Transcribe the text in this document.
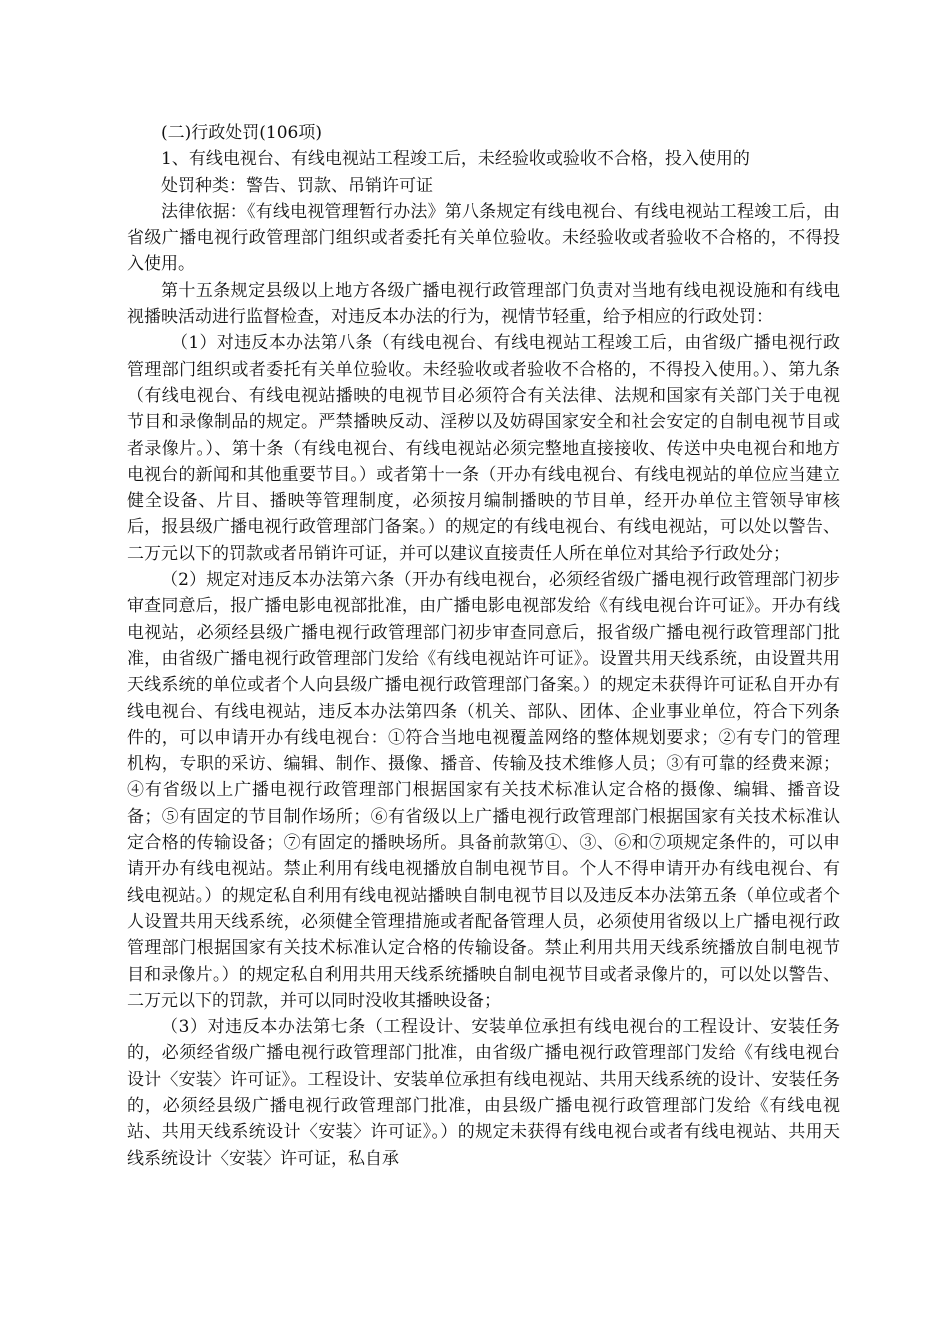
(二)行政处罚(106项)

1、有线电视台、有线电视站工程竣工后，未经验收或验收不合格，投入使用的

处罚种类：警告、罚款、吊销许可证

法律依据：《有线电视管理暂行办法》第八条规定有线电视台、有线电视站工程竣工后，由省级广播电视行政管理部门组织或者委托有关单位验收。未经验收或者验收不合格的，不得投入使用。

第十五条规定县级以上地方各级广播电视行政管理部门负责对当地有线电视设施和有线电视播映活动进行监督检查，对违反本办法的行为，视情节轻重，给予相应的行政处罚：

（1）对违反本办法第八条（有线电视台、有线电视站工程竣工后，由省级广播电视行政管理部门组织或者委托有关单位验收。未经验收或者验收不合格的，不得投入使用。）、第九条（有线电视台、有线电视站播映的电视节目必须符合有关法律、法规和国家有关部门关于电视节目和录像制品的规定。严禁播映反动、淫秽以及妨碍国家安全和社会安定的自制电视节目或者录像片。）、第十条（有线电视台、有线电视站必须完整地直接接收、传送中央电视台和地方电视台的新闻和其他重要节目。）或者第十一条（开办有线电视台、有线电视站的单位应当建立健全设备、片目、播映等管理制度，必须按月编制播映的节目单，经开办单位主管领导审核后，报县级广播电视行政管理部门备案。）的规定的有线电视台、有线电视站，可以处以警告、二万元以下的罚款或者吊销许可证，并可以建议直接责任人所在单位对其给予行政处分；

（2）规定对违反本办法第六条（开办有线电视台，必须经省级广播电视行政管理部门初步审查同意后，报广播电影电视部批准，由广播电影电视部发给《有线电视台许可证》。开办有线电视站，必须经县级广播电视行政管理部门初步审查同意后，报省级广播电视行政管理部门批准，由省级广播电视行政管理部门发给《有线电视站许可证》。设置共用天线系统，由设置共用天线系统的单位或者个人向县级广播电视行政管理部门备案。）的规定未获得许可证私自开办有线电视台、有线电视站，违反本办法第四条（机关、部队、团体、企业事业单位，符合下列条件的，可以申请开办有线电视台：①符合当地电视覆盖网络的整体规划要求；②有专门的管理机构，专职的采访、编辑、制作、摄像、播音、传输及技术维修人员；③有可靠的经费来源；④有省级以上广播电视行政管理部门根据国家有关技术标准认定合格的摄像、编辑、播音设备；⑤有固定的节目制作场所；⑥有省级以上广播电视行政管理部门根据国家有关技术标准认定合格的传输设备；⑦有固定的播映场所。具备前款第①、③、⑥和⑦项规定条件的，可以申请开办有线电视站。禁止利用有线电视播放自制电视节目。个人不得申请开办有线电视台、有线电视站。）的规定私自利用有线电视站播映自制电视节目以及违反本办法第五条（单位或者个人设置共用天线系统，必须健全管理措施或者配备管理人员，必须使用省级以上广播电视行政管理部门根据国家有关技术标准认定合格的传输设备。禁止利用共用天线系统播放自制电视节目和录像片。）的规定私自利用共用天线系统播映自制电视节目或者录像片的，可以处以警告、二万元以下的罚款，并可以同时没收其播映设备；

（3）对违反本办法第七条（工程设计、安装单位承担有线电视台的工程设计、安装任务的，必须经省级广播电视行政管理部门批准，由省级广播电视行政管理部门发给《有线电视台设计〈安装〉许可证》。工程设计、安装单位承担有线电视站、共用天线系统的设计、安装任务的，必须经县级广播电视行政管理部门批准，由县级广播电视行政管理部门发给《有线电视站、共用天线系统设计〈安装〉许可证》。）的规定未获得有线电视台或者有线电视站、共用天线系统设计〈安装〉许可证，私自承
